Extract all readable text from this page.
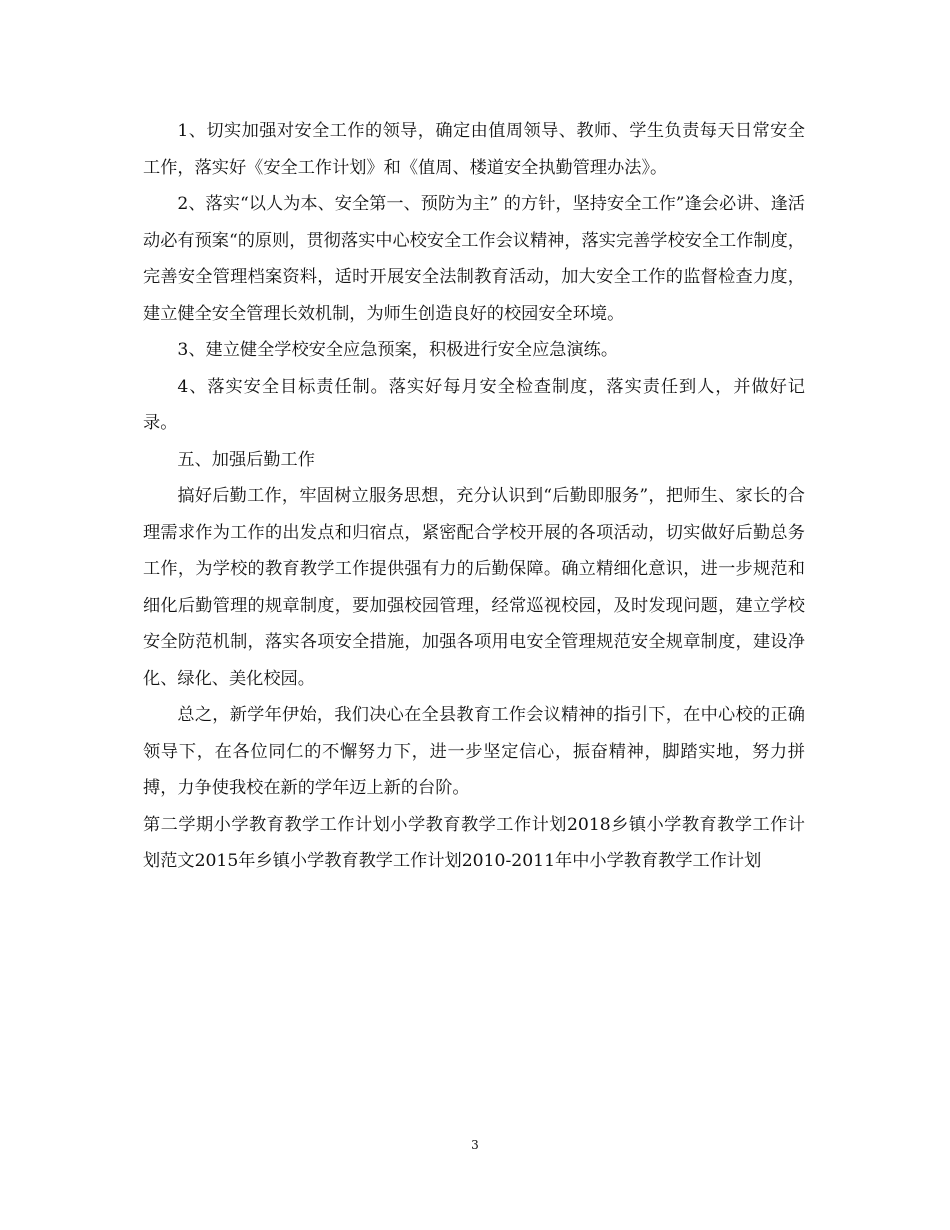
1、切实加强对安全工作的领导，确定由值周领导、教师、学生负责每天日常安全工作，落实好《安全工作计划》和《值周、楼道安全执勤管理办法》。

2、落实“以人为本、安全第一、预防为主” 的方针，坚持安全工作”逢会必讲、逢活动必有预案“的原则，贯彻落实中心校安全工作会议精神，落实完善学校安全工作制度，完善安全管理档案资料，适时开展安全法制教育活动，加大安全工作的监督检查力度，建立健全安全管理长效机制，为师生创造良好的校园安全环境。

3、建立健全学校安全应急预案，积极进行安全应急演练。

4、落实安全目标责任制。落实好每月安全检查制度，落实责任到人，并做好记录。

五、加强后勤工作

搞好后勤工作，牢固树立服务思想，充分认识到“后勤即服务”，把师生、家长的合理需求作为工作的出发点和归宿点，紧密配合学校开展的各项活动，切实做好后勤总务工作，为学校的教育教学工作提供强有力的后勤保障。确立精细化意识，进一步规范和细化后勤管理的规章制度，要加强校园管理，经常巡视校园，及时发现问题，建立学校安全防范机制，落实各项安全措施，加强各项用电安全管理规范安全规章制度，建设净化、绿化、美化校园。

总之，新学年伊始，我们决心在全县教育工作会议精神的指引下，在中心校的正确领导下，在各位同仁的不懈努力下，进一步坚定信心，振奋精神，脚踏实地，努力拼搏，力争使我校在新的学年迈上新的台阶。

第二学期小学教育教学工作计划小学教育教学工作计划2018乡镇小学教育教学工作计划范文2015年乡镇小学教育教学工作计划2010-2011年中小学教育教学工作计划

3
